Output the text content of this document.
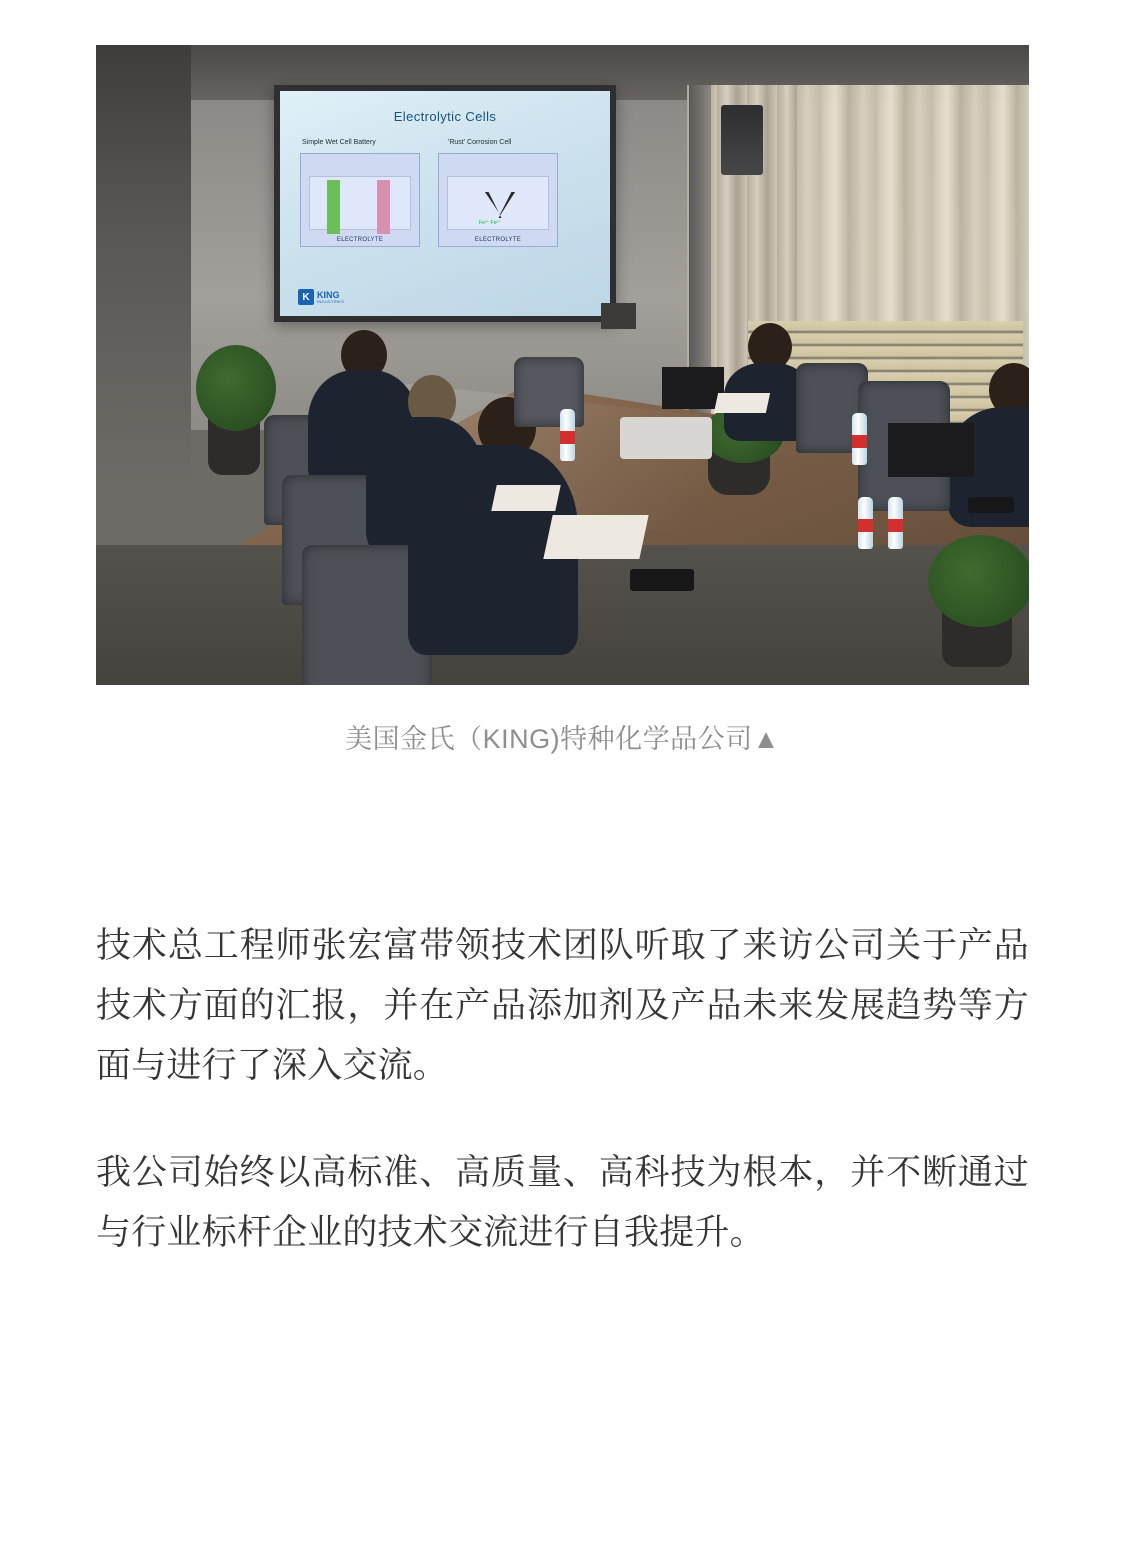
Electrolytic Cells
Simple Wet Cell Battery	'Rust' Corrosion Cell
ELECTROLYTE
Fe²⁺ Fe²⁺
ELECTROLYTE
K KING
INDUSTRIES
美国金氏（KING)特种化学品公司▲

技术总工程师张宏富带领技术团队听取了来访公司关于产品技术方面的汇报，并在产品添加剂及产品未来发展趋势等方面与进行了深入交流。

我公司始终以高标准、高质量、高科技为根本，并不断通过与行业标杆企业的技术交流进行自我提升。
